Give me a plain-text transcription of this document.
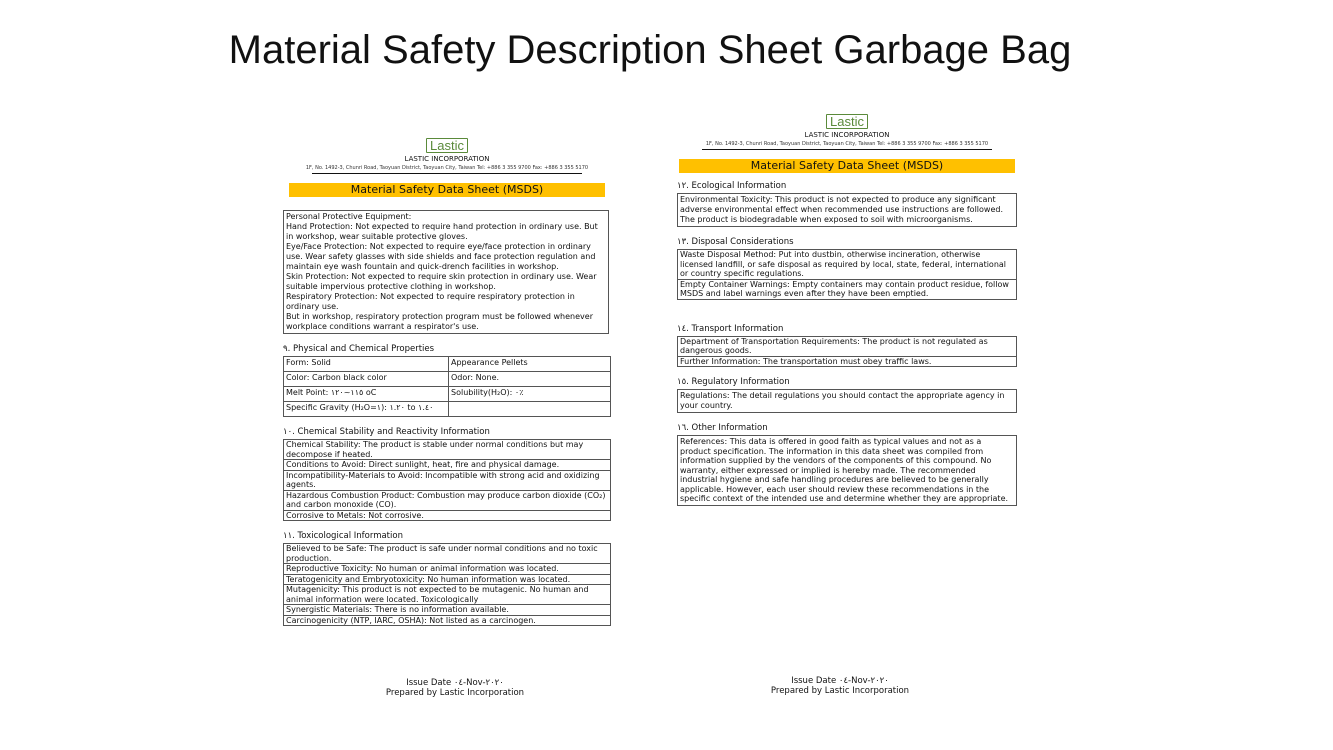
Material Safety Description Sheet Garbage Bag
Lastic
LASTIC INCORPORATION
1F, No. 1492-3, Chunri Road, Taoyuan District, Taoyuan City, Taiwan Tel: +886 3 355 9700 Fax: +886 3 355 5170
Material Safety Data Sheet (MSDS)
Personal Protective Equipment:
Hand Protection: Not expected to require hand protection in ordinary use. But in workshop, wear suitable protective gloves.
Eye/Face Protection: Not expected to require eye/face protection in ordinary use. Wear safety glasses with side shields and face protection regulation and maintain eye wash fountain and quick-drench facilities in workshop.
Skin Protection: Not expected to require skin protection in ordinary use. Wear suitable impervious protective clothing in workshop.
Respiratory Protection: Not expected to require respiratory protection in ordinary use.
But in workshop, respiratory protection program must be followed whenever workplace conditions warrant a respirator's use.
٩. Physical and Chemical Properties
Form: Solid	Appearance Pellets
Color: Carbon black color	Odor: None.
Melt Point: ١١٥~١٢٠ oC	Solubility(H₂O): ٠٪
Specific Gravity (H₂O=١): ١.٢٠ to ١.٤٠	
١٠. Chemical Stability and Reactivity Information
Chemical Stability: The product is stable under normal conditions but may decompose if heated.
Conditions to Avoid: Direct sunlight, heat, fire and physical damage.
Incompatibility-Materials to Avoid: Incompatible with strong acid and oxidizing agents.
Hazardous Combustion Product: Combustion may produce carbon dioxide (CO₂) and carbon monoxide (CO).
Corrosive to Metals: Not corrosive.
١١. Toxicological Information
Believed to be Safe: The product is safe under normal conditions and no toxic production.
Reproductive Toxicity: No human or animal information was located.
Teratogenicity and Embryotoxicity: No human information was located.
Mutagenicity: This product is not expected to be mutagenic. No human and animal information were located. Toxicologically
Synergistic Materials: There is no information available.
Carcinogenicity (NTP, IARC, OSHA): Not listed as a carcinogen.
Issue Date ٠٤-Nov-٢٠٢٠
Prepared by Lastic Incorporation
Lastic
LASTIC INCORPORATION
1F, No. 1492-3, Chunri Road, Taoyuan District, Taoyuan City, Taiwan Tel: +886 3 355 9700 Fax: +886 3 355 5170
Material Safety Data Sheet (MSDS)
١٢. Ecological Information
Environmental Toxicity: This product is not expected to produce any significant adverse environmental effect when recommended use instructions are followed. The product is biodegradable when exposed to soil with microorganisms.
١٣. Disposal Considerations
Waste Disposal Method: Put into dustbin, otherwise incineration, otherwise licensed landfill, or safe disposal as required by local, state, federal, international or country specific regulations.
Empty Container Warnings: Empty containers may contain product residue, follow MSDS and label warnings even after they have been emptied.
١٤. Transport Information
Department of Transportation Requirements: The product is not regulated as dangerous goods.
Further Information: The transportation must obey traffic laws.
١٥. Regulatory Information
Regulations: The detail regulations you should contact the appropriate agency in your country.
١٦. Other Information
References: This data is offered in good faith as typical values and not as a product specification. The information in this data sheet was compiled from information supplied by the vendors of the components of this compound. No warranty, either expressed or implied is hereby made. The recommended industrial hygiene and safe handling procedures are believed to be generally applicable. However, each user should review these recommendations in the specific context of the intended use and determine whether they are appropriate.
Issue Date ٠٤-Nov-٢٠٢٠
Prepared by Lastic Incorporation
